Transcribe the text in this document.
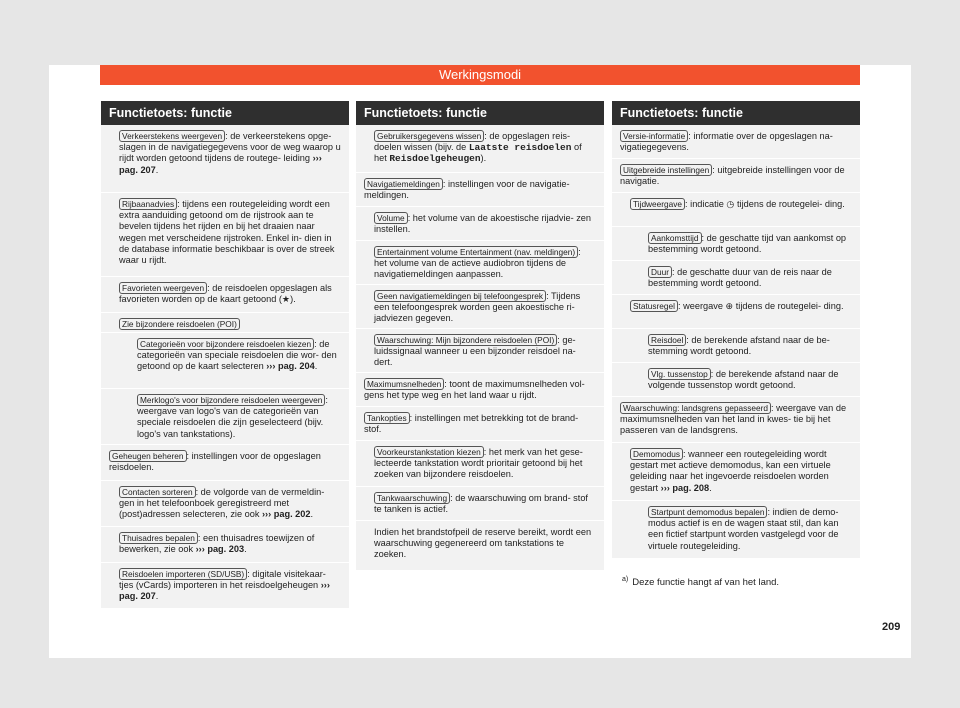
Werkingsmodi
Functietoets: functie
Verkeerstekens weergeven : de verkeerstekens opge- slagen in de navigatiegegevens voor de weg waarop u rijdt worden getoond tijdens de routege- leiding ››› pag. 207.
Rijbaanadvies : tijdens een routegeleiding wordt een extra aanduiding getoond om de rijstrook aan te bevelen tijdens het rijden en bij het draaien naar wegen met verscheidene rijstroken. Enkel in- dien in de database informatie beschikbaar is over de streek waar u rijdt.
Favorieten weergeven : de reisdoelen opgeslagen als favorieten worden op de kaart getoond (★).
Zie bijzondere reisdoelen (POI)
Categorieën voor bijzondere reisdoelen kiezen : de categorieën van speciale reisdoelen die wor- den getoond op de kaart selecteren ››› pag. 204.
Merklogo's voor bijzondere reisdoelen weergeven : weergave van logo's van de categorieën van speciale reisdoelen die zijn geselecteerd (bijv. logo's van tankstations).
Geheugen beheren : instellingen voor de opgeslagen reisdoelen.
Contacten sorteren : de volgorde van de vermeldin- gen in het telefoonboek geregistreerd met (post)adressen selecteren, zie ook ››› pag. 202.
Thuisadres bepalen : een thuisadres toewijzen of bewerken, zie ook ››› pag. 203.
Reisdoelen importeren (SD/USB) : digitale visitekaar- tjes (vCards) importeren in het reisdoelgeheugen ››› pag. 207.
Functietoets: functie
Gebruikersgegevens wissen : de opgeslagen reis- doelen wissen (bijv. de Laatste reisdoelen of het Reisdoelgeheugen).
Navigatiemeldingen : instellingen voor de navigatie- meldingen.
Volume : het volume van de akoestische rijadvie- zen instellen.
Entertainment volume Entertainment (nav. meldingen) : het volume van de actieve audiobron tijdens de navigatiemeldingen aanpassen.
Geen navigatiemeldingen bij telefoongesprek : Tijdens een telefoongesprek worden geen akoestische ri- jadviezen gegeven.
Waarschuwing: Mijn bijzondere reisdoelen (POI) : ge- luidssignaal wanneer u een bijzonder reisdoel na- dert.
Maximumsnelheden : toont de maximumsnelheden vol- gens het type weg en het land waar u rijdt.
Tankopties : instellingen met betrekking tot de brand- stof.
Voorkeurstankstation kiezen : het merk van het gese- lecteerde tankstation wordt prioritair getoond bij het zoeken van bijzondere reisdoelen.
Tankwaarschuwing : de waarschuwing om brand- stof te tanken is actief.
Indien het brandstofpeil de reserve bereikt, wordt een waarschuwing gegenereerd om tankstations te zoeken.
Functietoets: functie
Versie-informatie : informatie over de opgeslagen na- vigatiegegevens.
Uitgebreide instellingen : uitgebreide instellingen voor de navigatie.
Tijdweergave : indicatie ◷ tijdens de routegelei- ding.
Aankomsttijd : de geschatte tijd van aankomst op bestemming wordt getoond.
Duur : de geschatte duur van de reis naar de bestemming wordt getoond.
Statusregel : weergave ⊕ tijdens de routegelei- ding.
Reisdoel : de berekende afstand naar de be- stemming wordt getoond.
Vlg. tussenstop : de berekende afstand naar de volgende tussenstop wordt getoond.
Waarschuwing: landsgrens gepasseerd : weergave van de maximumsnelheden van het land in kwes- tie bij het passeren van de landsgrens.
Demomodus : wanneer een routegeleiding wordt gestart met actieve demomodus, kan een virtuele geleiding naar het ingevoerde reisdoelen worden gestart ››› pag. 208.
Startpunt demomodus bepalen : indien de demo- modus actief is en de wagen staat stil, dan kan een fictief startpunt worden vastgelegd voor de virtuele routegeleiding.
$^{a)}$ Deze functie hangt af van het land.
209
